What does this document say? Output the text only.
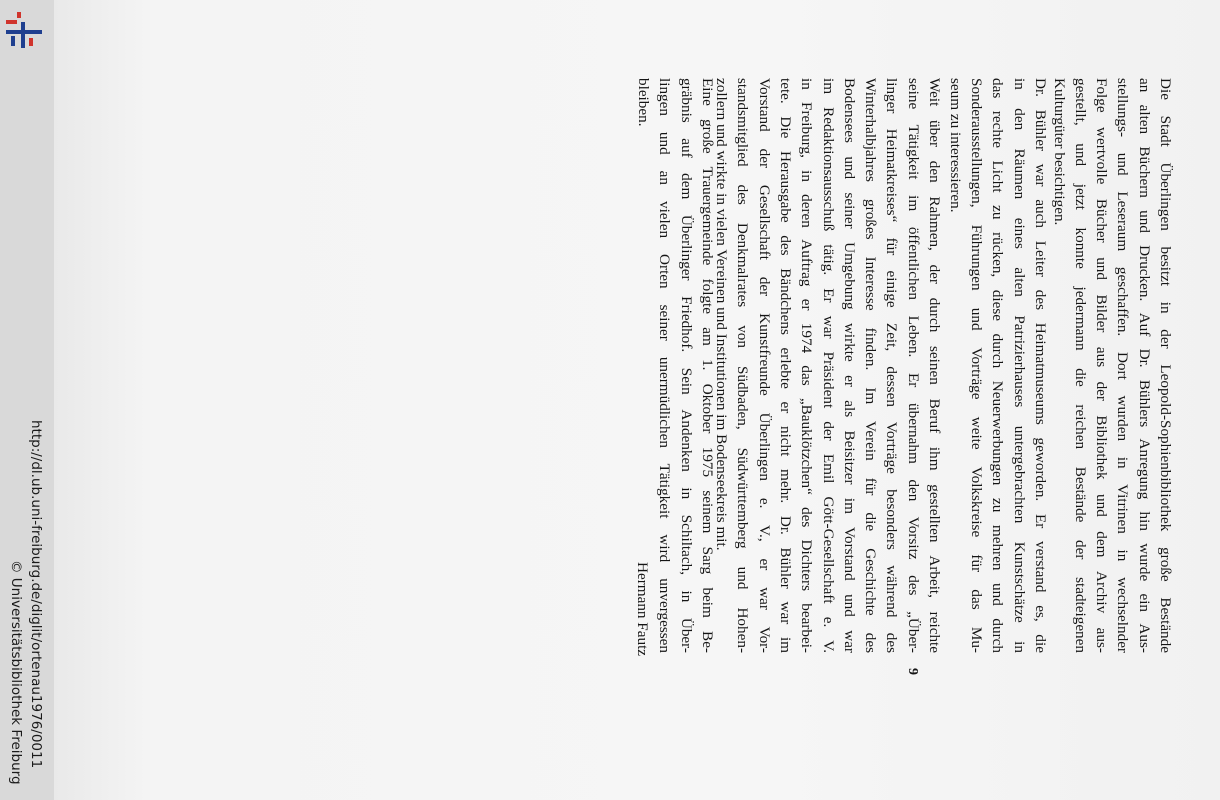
http://dl.ub.uni-freiburg.de/diglit/ortenau1976/0011
© Universitätsbibliothek Freiburg

Die Stadt Überlingen besitzt in der Leopold-Sophienbibliothek große Bestände
an alten Büchern und Drucken. Auf Dr. Bühlers Anregung hin wurde ein Aus-
stellungs- und Leseraum geschaffen. Dort wurden in Vitrinen in wechselnder
Folge wertvolle Bücher und Bilder aus der Bibliothek und dem Archiv aus-
gestellt, und jetzt konnte jedermann die reichen Bestände der stadteigenen
Kulturgüter besichtigen.

Dr. Bühler war auch Leiter des Heimatmuseums geworden. Er verstand es, die
in den Räumen eines alten Patrizierhauses untergebrachten Kunstschätze in
das rechte Licht zu rücken, diese durch Neuerwerbungen zu mehren und durch
Sonderausstellungen, Führungen und Vorträge weite Volkskreise für das Mu-
seum zu interessieren.

Weit über den Rahmen, der durch seinen Beruf ihm gestellten Arbeit, reichte
seine Tätigkeit im öffentlichen Leben. Er übernahm den Vorsitz des „Über-
linger Heimatkreises“ für einige Zeit, dessen Vorträge besonders während des
Winterhalbjahres großes Interesse finden. Im Verein für die Geschichte des
Bodensees und seiner Umgebung wirkte er als Beisitzer im Vorstand und war
im Redaktionsausschuß tätig. Er war Präsident der Emil Gött-Gesellschaft e. V.
in Freiburg, in deren Auftrag er 1974 das „Bauklötzchen“ des Dichters bearbei-
tete. Die Herausgabe des Bändchens erlebte er nicht mehr. Dr. Bühler war im
Vorstand der Gesellschaft der Kunstfreunde Überlingen e. V., er war Vor-
standsmitglied des Denkmalrates von Südbaden, Südwürttemberg und Hohen-
zollern und wirkte in vielen Vereinen und Institutionen im Bodenseekreis mit.

Hermann Fautz	Eine große Trauergemeinde folgte am 1. Oktober 1975 seinem Sarg beim Be-
gräbnis auf dem Überlinger Friedhof. Sein Andenken in Schiltach, in Über-
lingen und an vielen Orten seiner unermüdlichen Tätigkeit wird unvergessen
bleiben.

9
